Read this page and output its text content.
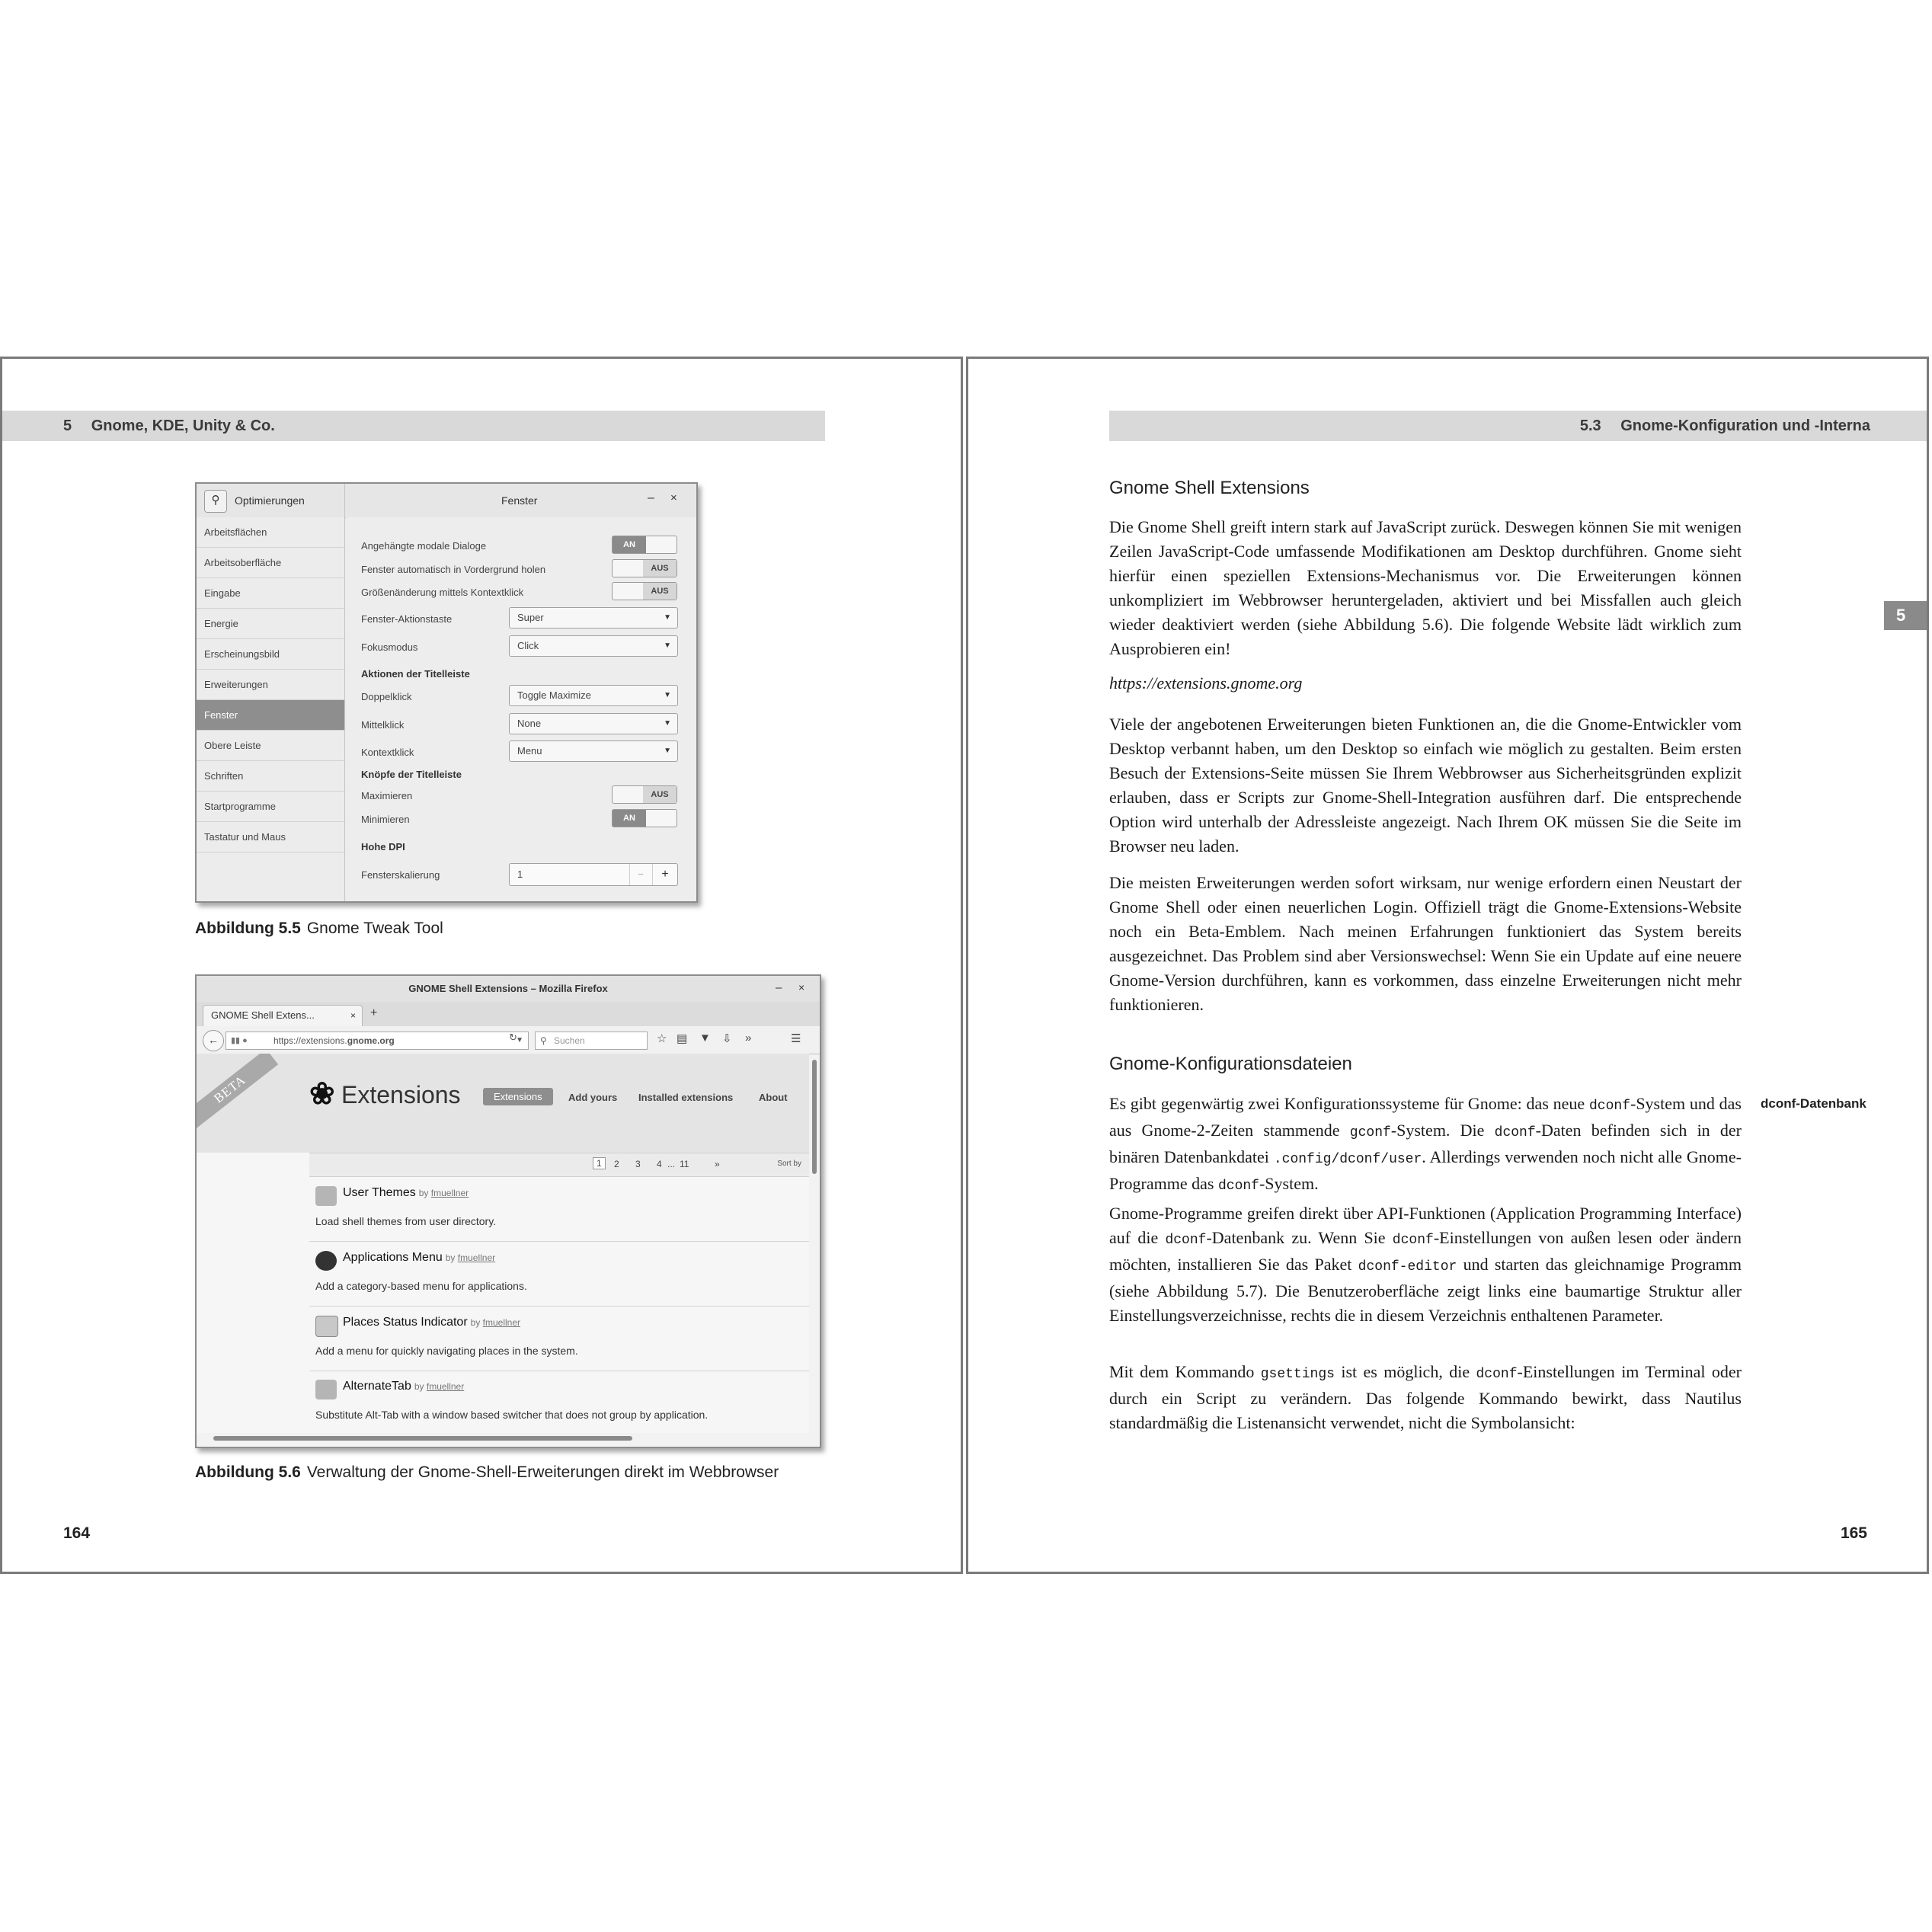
5 Gnome, KDE, Unity & Co.
⚲	Optimierungen	Fenster	– ×
Arbeitsflächen
Arbeitsoberfläche
Eingabe
Energie
Erscheinungsbild
Erweiterungen
Fenster
Obere Leiste
Schriften
Startprogramme
Tastatur und Maus
Angehängte modale Dialoge	AN
Fenster automatisch in Vordergrund holen	AUS
Größenänderung mittels Kontextklick	AUS
Fenster-Aktionstaste	Super	▼
Fokusmodus	Click	▼
Aktionen der Titelleiste
Doppelklick	Toggle Maximize	▼
Mittelklick	None	▼
Kontextklick	Menu	▼
Knöpfe der Titelleiste
Maximieren	AUS
Minimieren	AN
Hohe DPI
Fensterskalierung	1	−	+
Abbildung 5.5 Gnome Tweak Tool
GNOME Shell Extensions – Mozilla Firefox	– ×
GNOME Shell Extens...	× +
←	▮▮ ●	https://extensions.gnome.org	▼
↻	⚲ Suchen	☆ ▤ ▼ ⇩ »	☰
BETA	❀ Extensions	Extensions	Add yours Installed extensions	About
1	2 3 4 ... 11	»	Sort by
User Themes by fmuellner
Load shell themes from user directory.
Applications Menu by fmuellner
Add a category-based menu for applications.
Places Status Indicator by fmuellner
Add a menu for quickly navigating places in the system.
AlternateTab by fmuellner
Substitute Alt-Tab with a window based switcher that does not group by application.
Abbildung 5.6 Verwaltung der Gnome-Shell-Erweiterungen direkt im Webbrowser
164
5.3 Gnome-Konfiguration und -Interna
5
Gnome Shell Extensions
Die Gnome Shell greift intern stark auf JavaScript zurück. Deswegen können Sie mit wenigen Zeilen JavaScript-Code umfassende Modifikationen am Desktop durchführen. Gnome sieht hierfür einen speziellen Extensions-Mechanismus vor. Die Erweiterungen können unkompliziert im Webbrowser heruntergeladen, aktiviert und bei Missfallen auch gleich wieder deaktiviert werden (siehe Abbildung 5.6). Die folgende Website lädt wirklich zum Ausprobieren ein!
https://extensions.gnome.org
Viele der angebotenen Erweiterungen bieten Funktionen an, die die Gnome-Entwickler vom Desktop verbannt haben, um den Desktop so einfach wie möglich zu gestalten. Beim ersten Besuch der Extensions-Seite müssen Sie Ihrem Webbrowser aus Sicherheitsgründen explizit erlauben, dass er Scripts zur Gnome-Shell-Integration ausführen darf. Die entsprechende Option wird unterhalb der Adressleiste angezeigt. Nach Ihrem OK müssen Sie die Seite im Browser neu laden.
Die meisten Erweiterungen werden sofort wirksam, nur wenige erfordern einen Neustart der Gnome Shell oder einen neuerlichen Login. Offiziell trägt die Gnome-Extensions-Website noch ein Beta-Emblem. Nach meinen Erfahrungen funktioniert das System bereits ausgezeichnet. Das Problem sind aber Versionswechsel: Wenn Sie ein Update auf eine neuere Gnome-Version durchführen, kann es vorkommen, dass einzelne Erweiterungen nicht mehr funktionieren.
Gnome-Konfigurationsdateien
dconf-Datenbank
Es gibt gegenwärtig zwei Konfigurationssysteme für Gnome: das neue dconf-System und das aus Gnome-2-Zeiten stammende gconf-System. Die dconf-Daten befinden sich in der binären Datenbankdatei .config/dconf/user. Allerdings verwenden noch nicht alle Gnome-Programme das dconf-System.
Gnome-Programme greifen direkt über API-Funktionen (Application Programming Interface) auf die dconf-Datenbank zu. Wenn Sie dconf-Einstellungen von außen lesen oder ändern möchten, installieren Sie das Paket dconf-editor und starten das gleichnamige Programm (siehe Abbildung 5.7). Die Benutzeroberfläche zeigt links eine baumartige Struktur aller Einstellungsverzeichnisse, rechts die in diesem Verzeichnis enthaltenen Parameter.
Mit dem Kommando gsettings ist es möglich, die dconf-Einstellungen im Terminal oder durch ein Script zu verändern. Das folgende Kommando bewirkt, dass Nautilus standardmäßig die Listenansicht verwendet, nicht die Symbolansicht:
165
